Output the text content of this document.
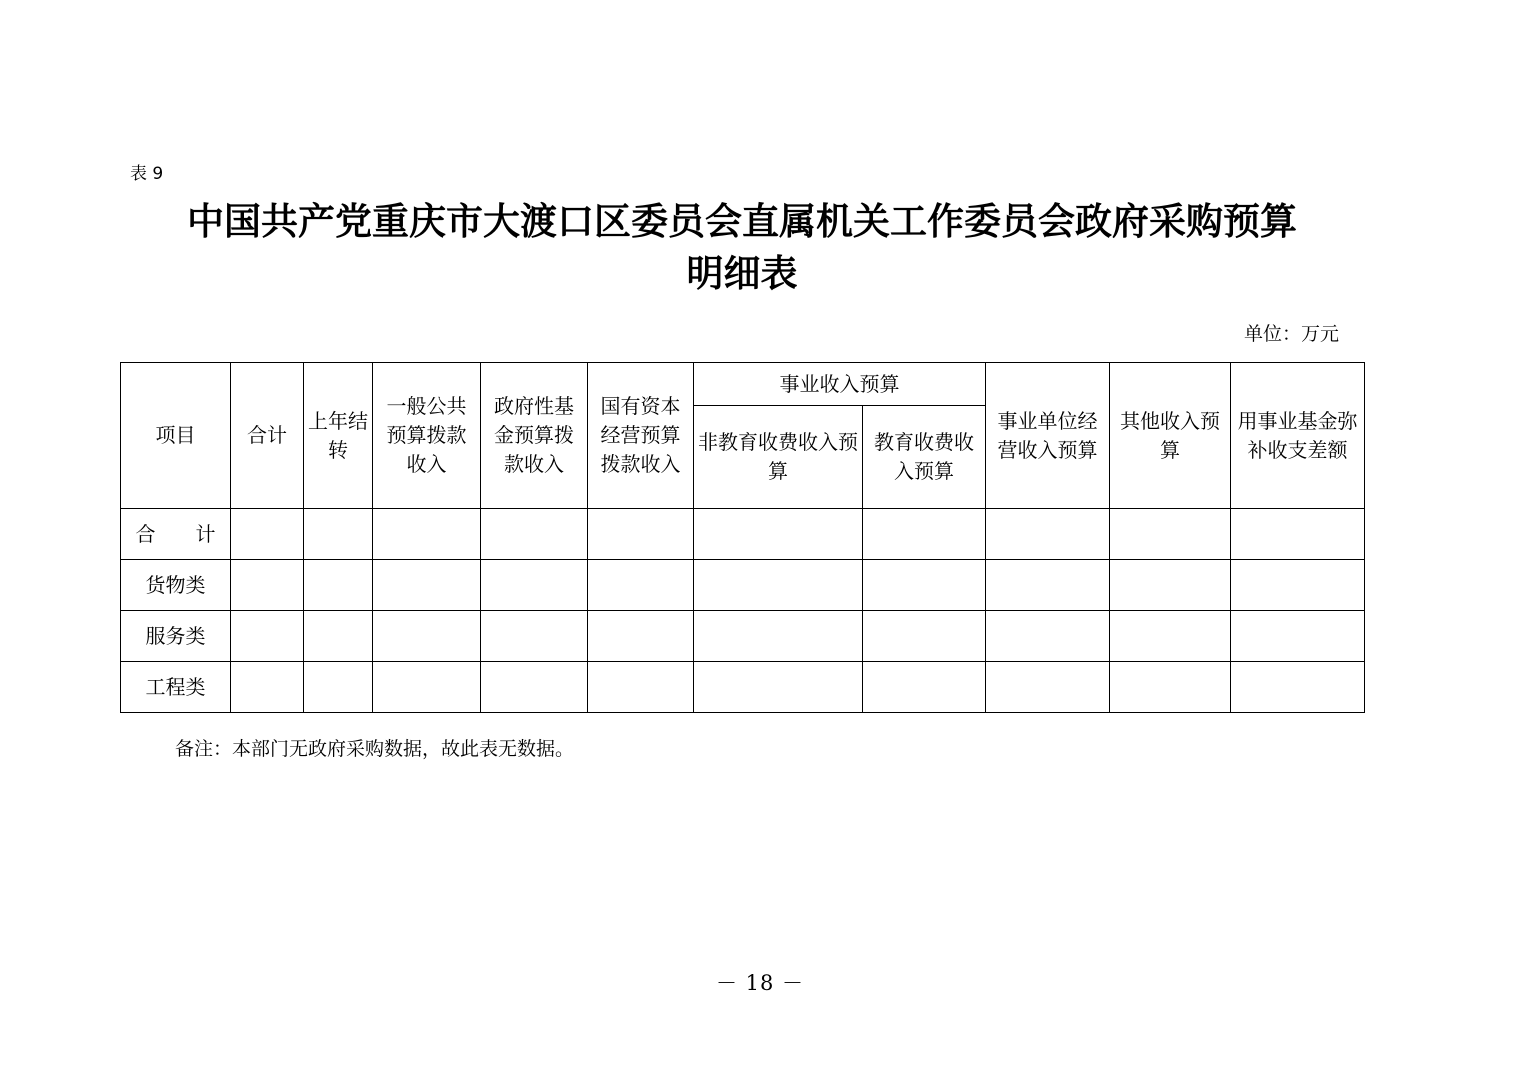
表 9
中国共产党重庆市大渡口区委员会直属机关工作委员会政府采购预算
明细表
单位：万元
项目	合计	上年结转	一般公共预算拨款收入	政府性基金预算拨款收入	国有资本经营预算拨款收入	事业收入预算		事业单位经营收入预算	其他收入预算	用事业基金弥补收支差额
						非教育收费收入预算	教育收费收入预算			
合　　计										
货物类										
服务类										
工程类										
备注：本部门无政府采购数据，故此表无数据。
－ 18 －
